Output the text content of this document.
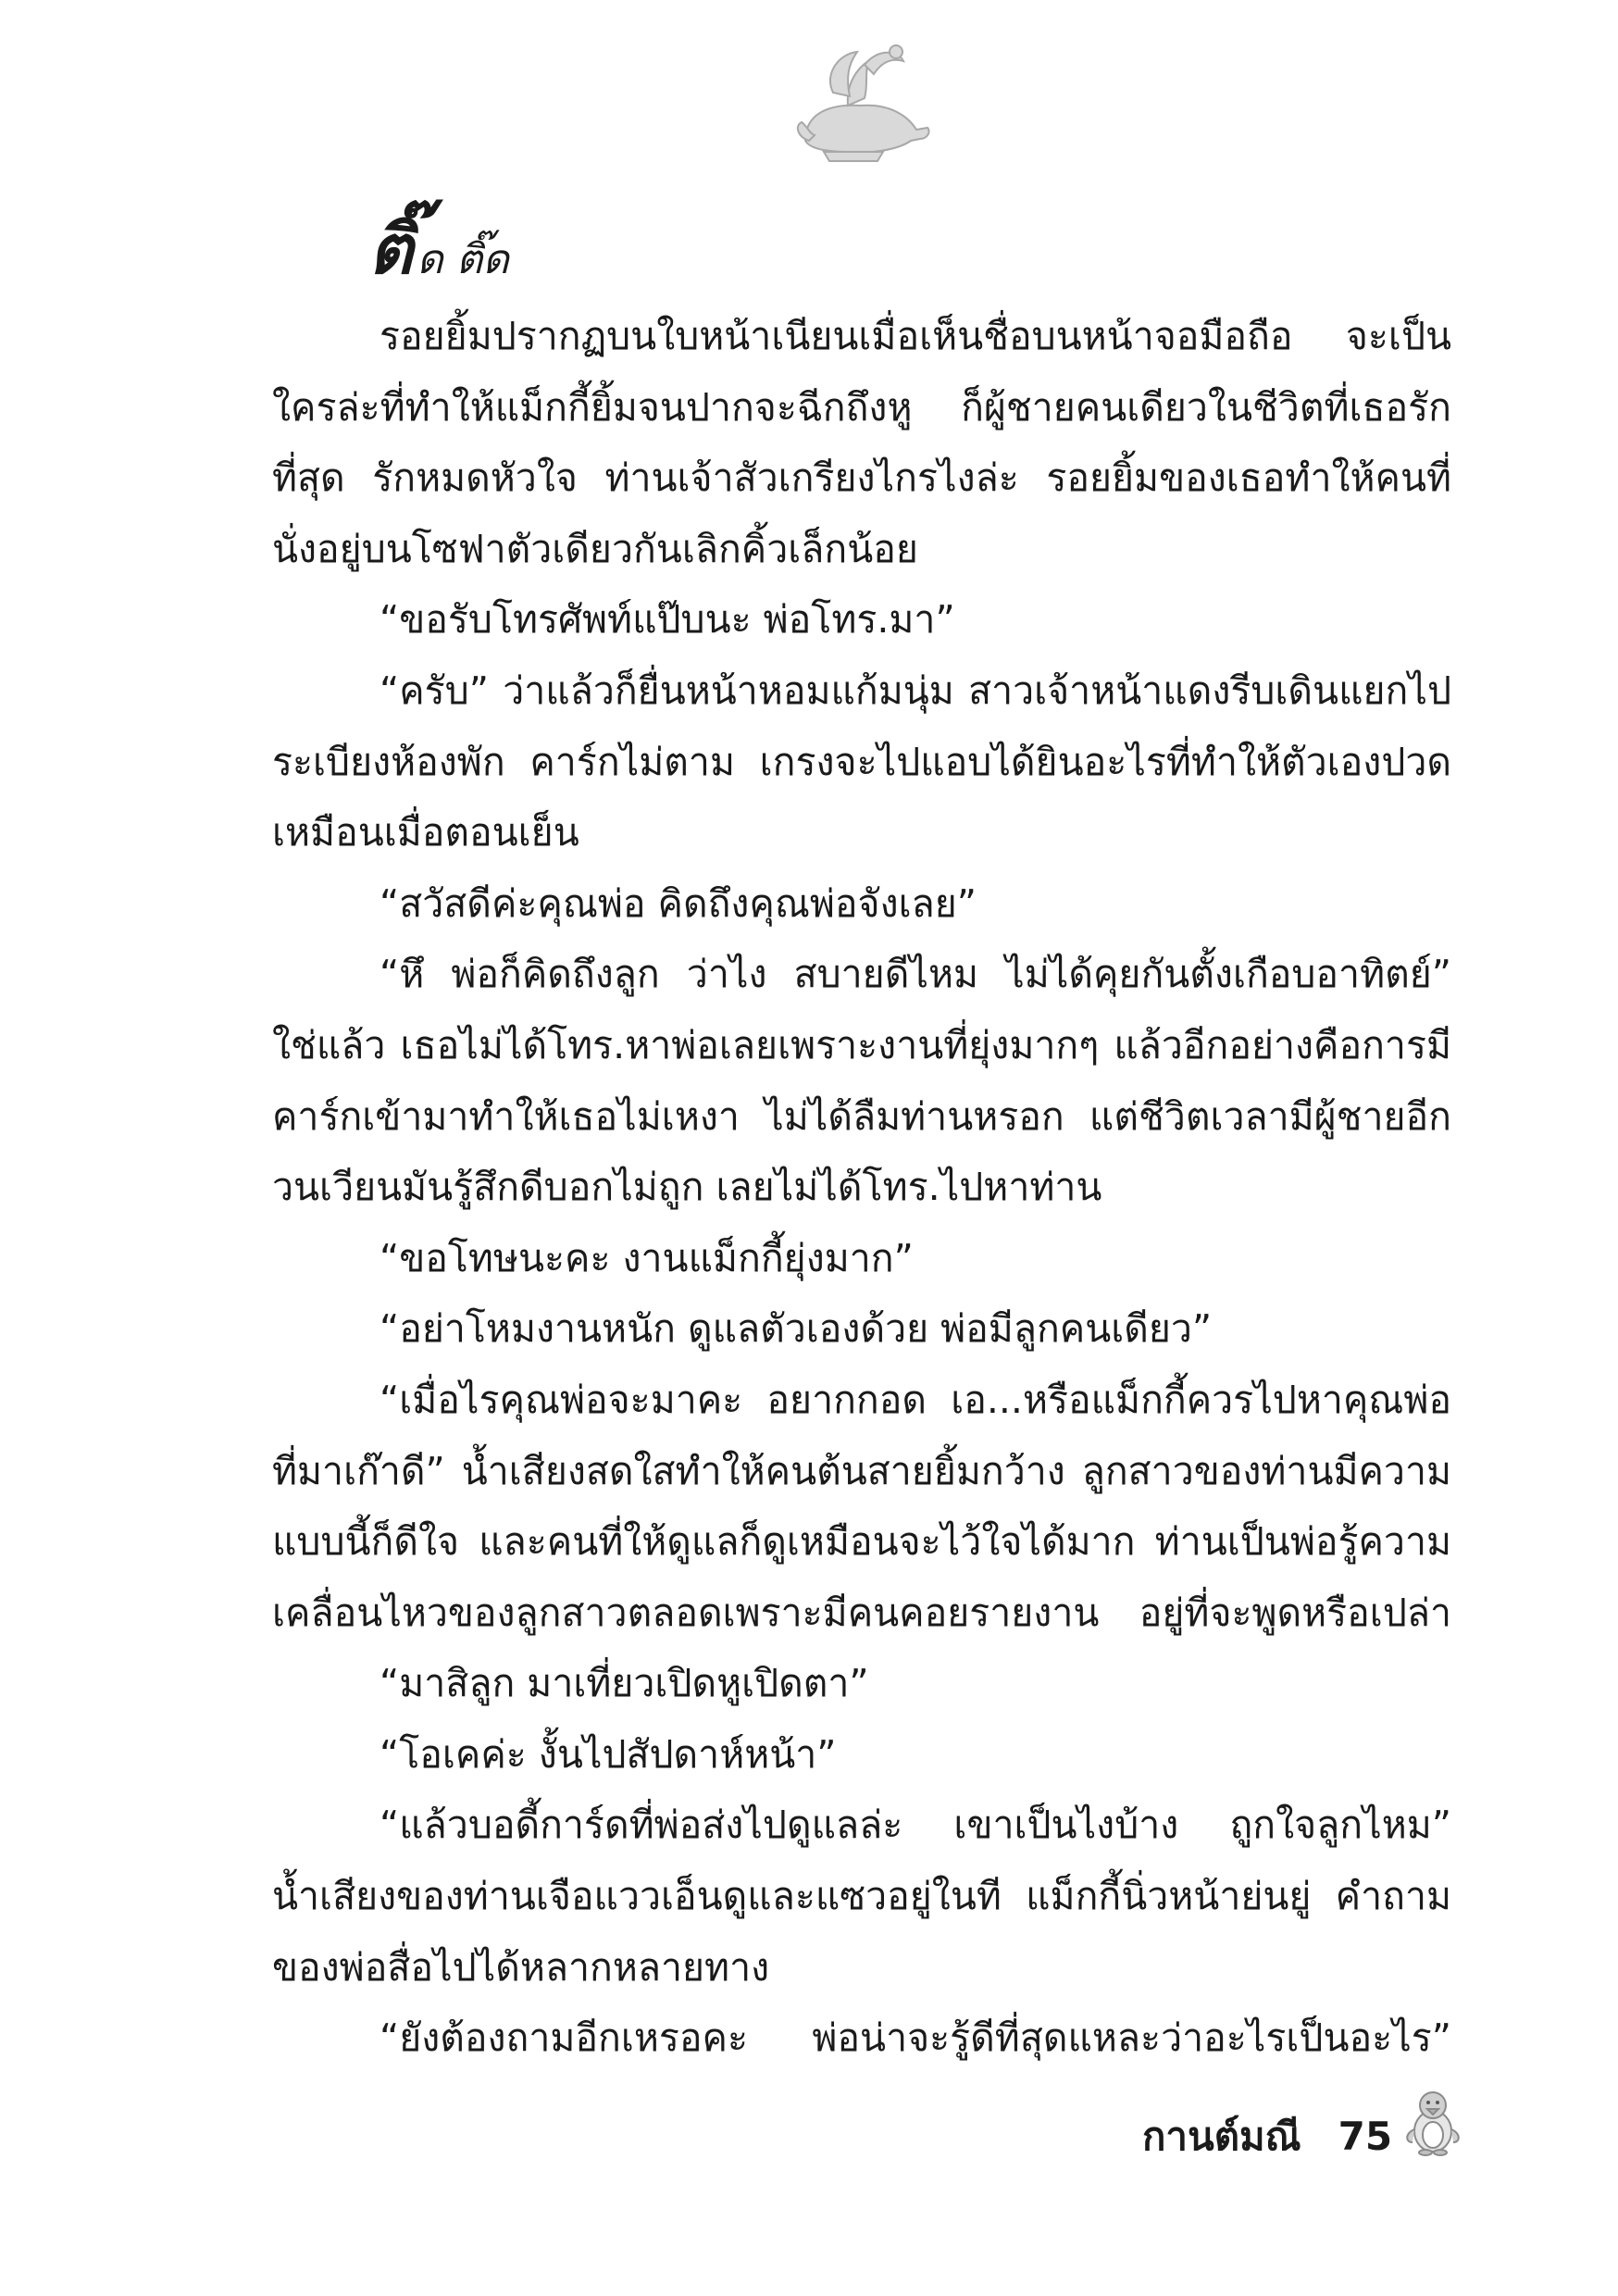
ติ๊ด ติ๊ด
รอยยิ้มปรากฏบนใบหน้าเนียนเมื่อเห็นชื่อบนหน้าจอมือถือ จะเป็น
ใครล่ะที่ทำให้แม็กกี้ยิ้มจนปากจะฉีกถึงหู ก็ผู้ชายคนเดียวในชีวิตที่เธอรัก
ที่สุด รักหมดหัวใจ ท่านเจ้าสัวเกรียงไกรไงล่ะ รอยยิ้มของเธอทำให้คนที่
นั่งอยู่บนโซฟาตัวเดียวกันเลิกคิ้วเล็กน้อย
“ขอรับโทรศัพท์แป๊บนะ พ่อโทร.มา”
“ครับ” ว่าแล้วก็ยื่นหน้าหอมแก้มนุ่ม สาวเจ้าหน้าแดงรีบเดินแยกไป
ระเบียงห้องพัก คาร์กไม่ตาม เกรงจะไปแอบได้ยินอะไรที่ทำให้ตัวเองปวด
เหมือนเมื่อตอนเย็น
“สวัสดีค่ะคุณพ่อ คิดถึงคุณพ่อจังเลย”
“หึ พ่อก็คิดถึงลูก ว่าไง สบายดีไหม ไม่ได้คุยกันตั้งเกือบอาทิตย์”
ใช่แล้ว เธอไม่ได้โทร.หาพ่อเลยเพราะงานที่ยุ่งมากๆ แล้วอีกอย่างคือการมี
คาร์กเข้ามาทำให้เธอไม่เหงา ไม่ได้ลืมท่านหรอก แต่ชีวิตเวลามีผู้ชายอีก
วนเวียนมันรู้สึกดีบอกไม่ถูก เลยไม่ได้โทร.ไปหาท่าน
“ขอโทษนะคะ งานแม็กกี้ยุ่งมาก”
“อย่าโหมงานหนัก ดูแลตัวเองด้วย พ่อมีลูกคนเดียว”
“เมื่อไรคุณพ่อจะมาคะ อยากกอด เอ...หรือแม็กกี้ควรไปหาคุณพ่อ
ที่มาเก๊าดี” น้ำเสียงสดใสทำให้คนต้นสายยิ้มกว้าง ลูกสาวของท่านมีความ
แบบนี้ก็ดีใจ และคนที่ให้ดูแลก็ดูเหมือนจะไว้ใจได้มาก ท่านเป็นพ่อรู้ความ
เคลื่อนไหวของลูกสาวตลอดเพราะมีคนคอยรายงาน อยู่ที่จะพูดหรือเปล่า
“มาสิลูก มาเที่ยวเปิดหูเปิดตา”
“โอเคค่ะ งั้นไปสัปดาห์หน้า”
“แล้วบอดี้การ์ดที่พ่อส่งไปดูแลล่ะ เขาเป็นไงบ้าง ถูกใจลูกไหม”
น้ำเสียงของท่านเจือแววเอ็นดูและแซวอยู่ในที แม็กกี้นิ่วหน้าย่นยู่ คำถาม
ของพ่อสื่อไปได้หลากหลายทาง
“ยังต้องถามอีกเหรอคะ พ่อน่าจะรู้ดีที่สุดแหละว่าอะไรเป็นอะไร”
กานต์มณี 75
